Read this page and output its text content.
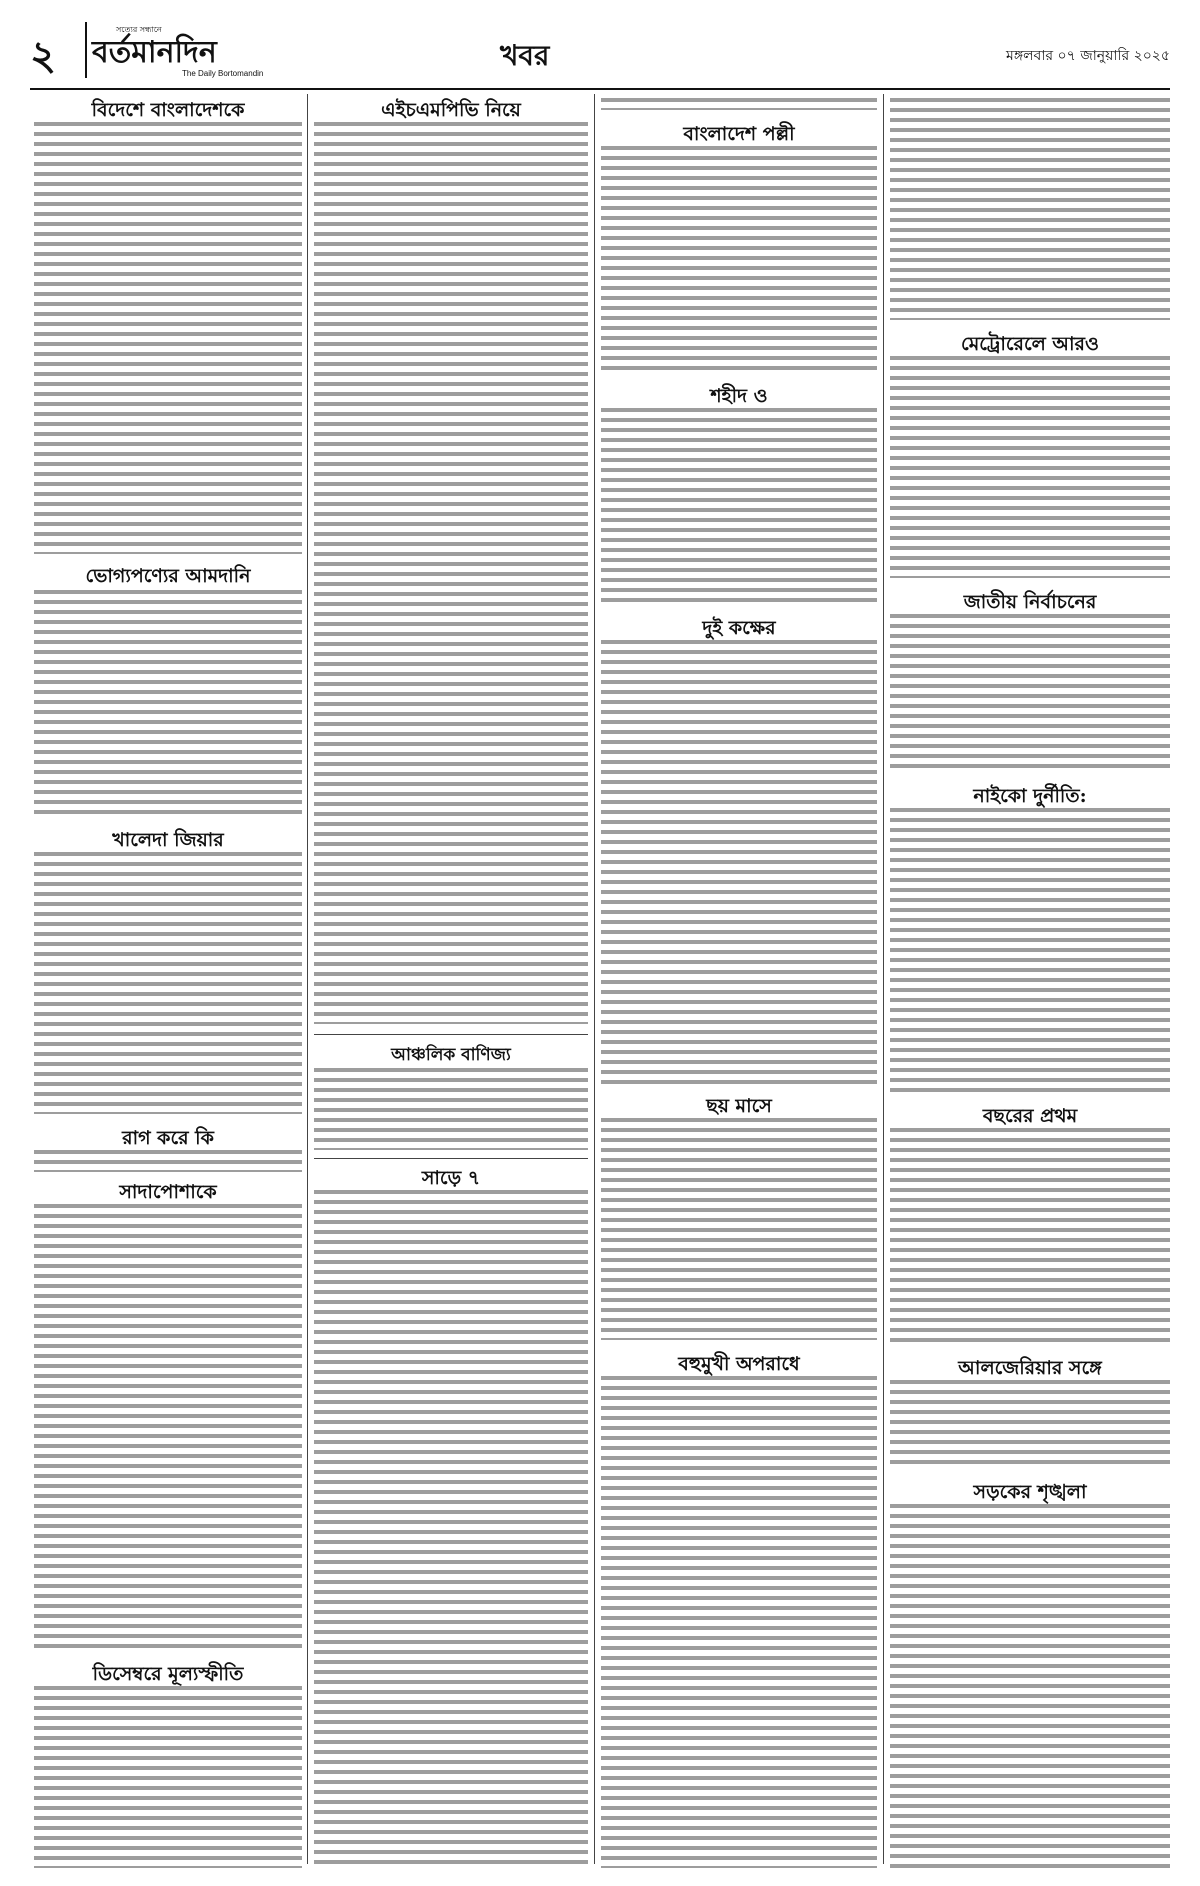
২
সত্যের সন্ধানে
বর্তমানদিন
The Daily Bortomandin
খবর	মঙ্গলবার ০৭ জানুয়ারি ২০২৫
বিদেশে বাংলাদেশকে
ভোগ্যপণ্যের আমদানি
খালেদা জিয়ার
রাগ করে কি
সাদাপোশাকে
ডিসেম্বরে মূল্যস্ফীতি
এইচএমপিভি নিয়ে
আঞ্চলিক বাণিজ্য
সাড়ে ৭
বাংলাদেশ পল্লী
শহীদ ও
দুই কক্ষের
ছয় মাসে
বহুমুখী অপরাধে
মেট্রোরেলে আরও
জাতীয় নির্বাচনের
নাইকো দুর্নীতি:
বছরের প্রথম
আলজেরিয়ার সঙ্গে
সড়কের শৃঙ্খলা
